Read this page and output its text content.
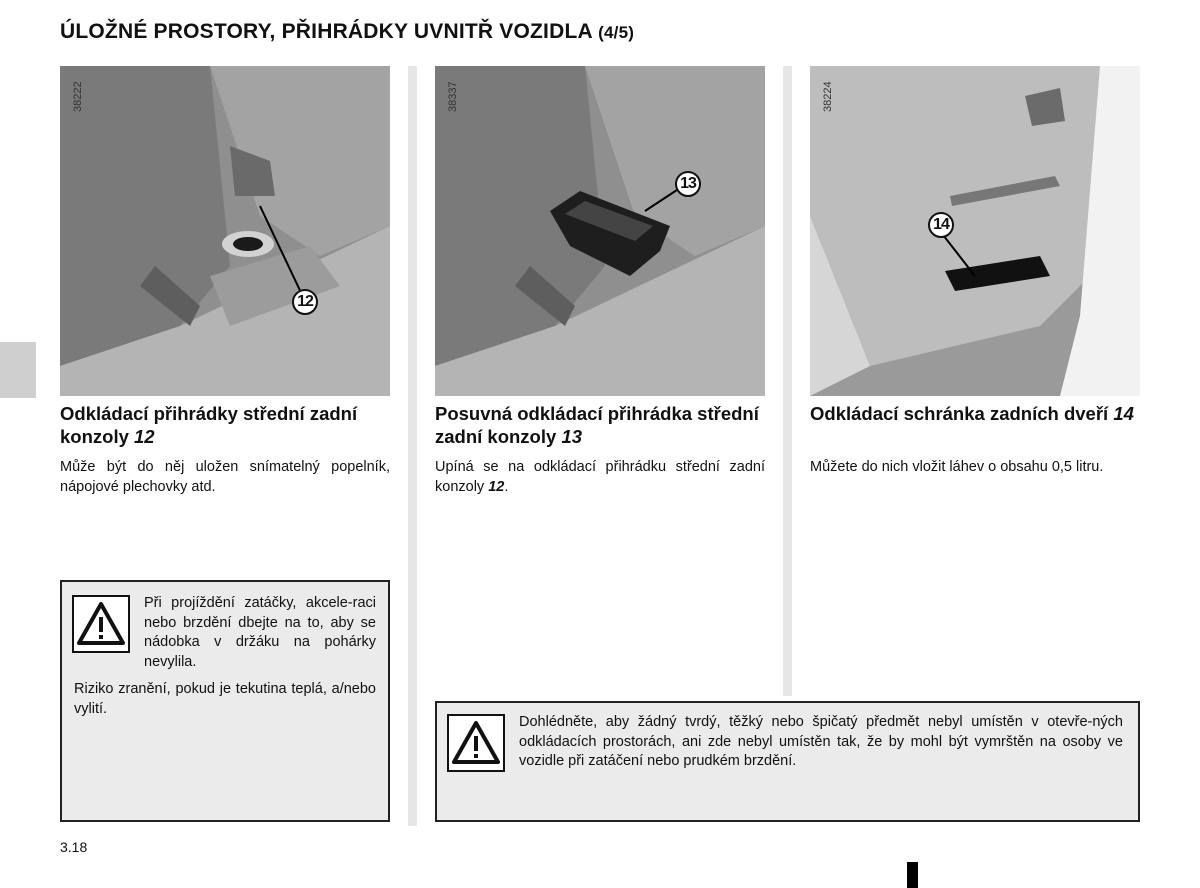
ÚLOŽNÉ PROSTORY, PŘIHRÁDKY UVNITŘ VOZIDLA (4/5)
38222
12
38337
13
38224
14
Odkládací přihrádky střední zadní konzoly 12
Posuvná odkládací přihrádka střední zadní konzoly 13
Odkládací schránka zadních dveří 14
Může být do něj uložen snímatelný popelník, nápojové plechovky atd.
Upíná se na odkládací přihrádku střední zadní konzoly 12.
Můžete do nich vložit láhev o obsahu 0,5 litru.
Při projíždění zatáčky, akcele-raci nebo brzdění dbejte na to, aby se nádobka v držáku na pohárky nevylila.
Riziko zranění, pokud je tekutina teplá, a/nebo vylití.
Dohlédněte, aby žádný tvrdý, těžký nebo špičatý předmět nebyl umístěn v otevře-ných odkládacích prostorách, ani zde nebyl umístěn tak, že by mohl být vymrštěn na osoby ve vozidle při zatáčení nebo prudkém brzdění.
3.18
